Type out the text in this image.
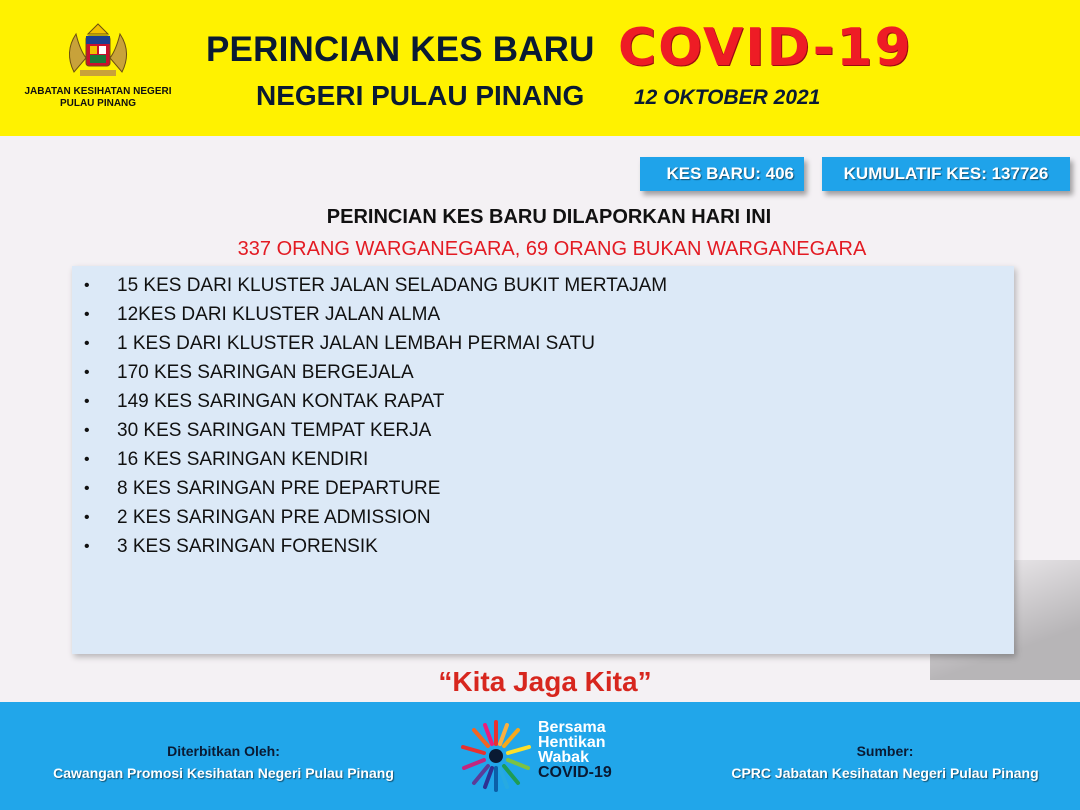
JABATAN KESIHATAN NEGERI
PULAU PINANG
PERINCIAN KES BARU COVID-19
NEGERI PULAU PINANG 12 OKTOBER 2021
KES BARU: 406	KUMULATIF KES: 137726
PERINCIAN KES BARU DILAPORKAN HARI INI
337 ORANG WARGANEGARA, 69 ORANG BUKAN WARGANEGARA
• 15 KES DARI KLUSTER JALAN SELADANG BUKIT MERTAJAM
• 12KES DARI KLUSTER JALAN ALMA
• 1 KES DARI KLUSTER JALAN LEMBAH PERMAI SATU
• 170 KES SARINGAN BERGEJALA
• 149 KES SARINGAN KONTAK RAPAT
• 30 KES SARINGAN TEMPAT KERJA
• 16 KES SARINGAN KENDIRI
• 8 KES SARINGAN PRE DEPARTURE
• 2 KES SARINGAN PRE ADMISSION
• 3 KES SARINGAN FORENSIK
“Kita Jaga Kita”
Diterbitkan Oleh:
Cawangan Promosi Kesihatan Negeri Pulau Pinang
Bersama
Hentikan
Wabak
COVID-19
Sumber:
CPRC Jabatan Kesihatan Negeri Pulau Pinang
